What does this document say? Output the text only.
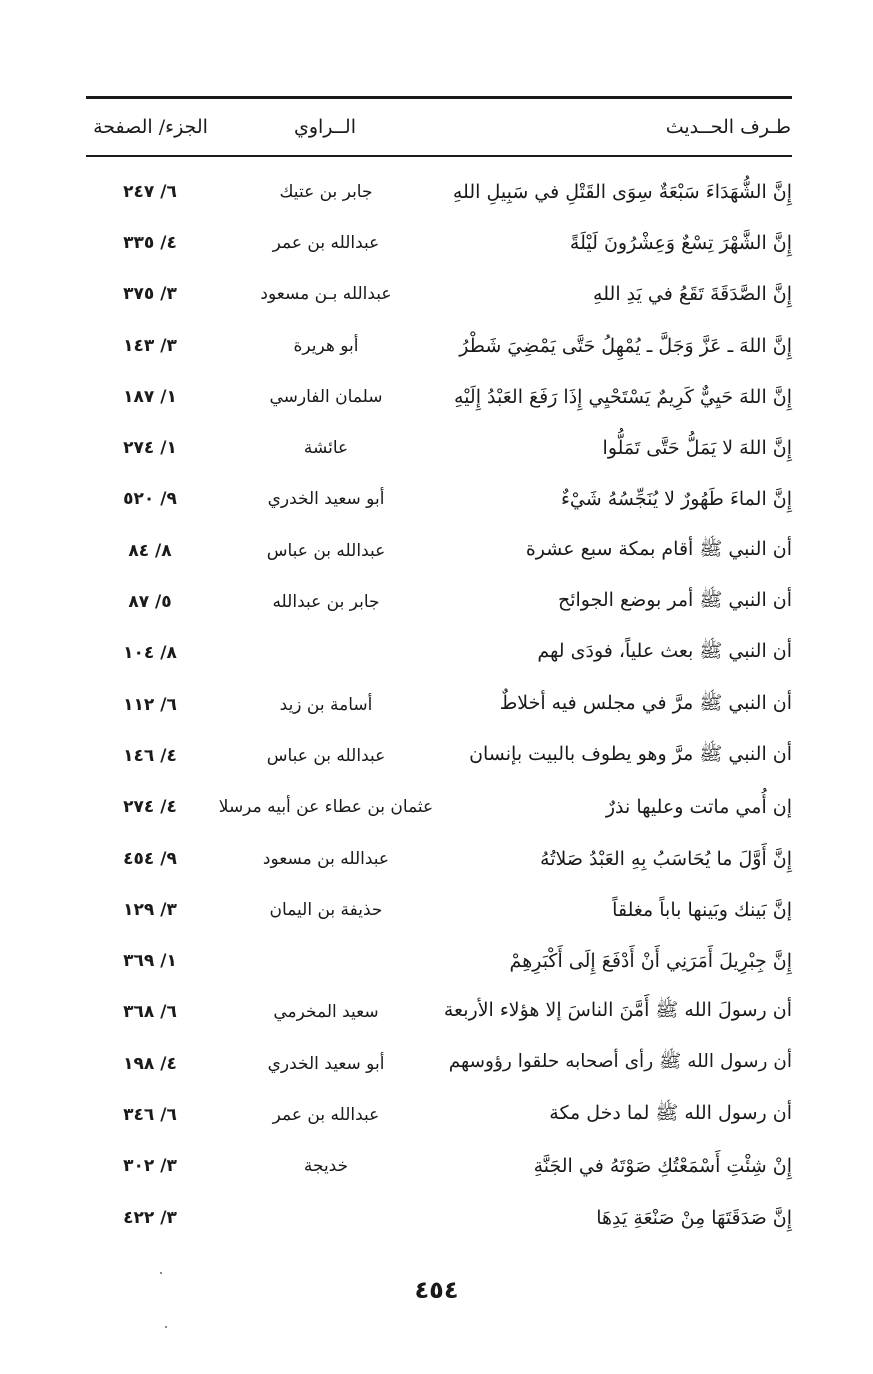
طـرف الحــديث
الــراوي
الجزء/ الصفحة
إِنَّ الشُّهَدَاءَ سَبْعَةٌ سِوَى القَتْلِ في سَبِيلِ اللهِ
جابر بن عتيك
٦/ ٢٤٧
إِنَّ الشَّهْرَ تِسْعٌ وَعِشْرُونَ لَيْلَةً
عبدالله بن عمر
٤/ ٣٣٥
إِنَّ الصَّدَقَةَ تَقَعُ في يَدِ اللهِ
عبدالله بـن مسعود
٣/ ٣٧٥
إِنَّ اللهَ ـ عَزَّ وَجَلَّ ـ يُمْهِلُ حَتَّى يَمْضِيَ شَطْرُ
أبو هريرة
٣/ ١٤٣
إِنَّ اللهَ حَيِيٌّ كَرِيمٌ يَسْتَحْيِي إِذَا رَفَعَ العَبْدُ إِلَيْهِ
سلمان الفارسي
١/ ١٨٧
إِنَّ اللهَ لا يَمَلُّ حَتَّى تَمَلُّوا
عائشة
١/ ٢٧٤
إِنَّ الماءَ طَهُورٌ لا يُنَجِّسُهُ شَيْءٌ
أبو سعيد الخدري
٩/ ٥٢٠
أن النبي ﷺ أقام بمكة سبع عشرة
عبدالله بن عباس
٨/ ٨٤
أن النبي ﷺ أمر بوضع الجوائح
جابر بن عبدالله
٥/ ٨٧
أن النبي ﷺ بعث علياً، فودَى لهم
٨/ ١٠٤
أن النبي ﷺ مرَّ في مجلس فيه أخلاطٌ
أسامة بن زيد
٦/ ١١٢
أن النبي ﷺ مرَّ وهو يطوف بالبيت بإنسان
عبدالله بن عباس
٤/ ١٤٦
إن أُمي ماتت وعليها نذرٌ
عثمان بن عطاء عن أبيه مرسلا
٤/ ٢٧٤
إِنَّ أَوَّلَ ما يُحَاسَبُ بِهِ العَبْدُ صَلاتُهُ
عبدالله بن مسعود
٩/ ٤٥٤
إنَّ بَينك وبَينها باباً مغلقاً
حذيفة بن اليمان
٣/ ١٢٩
إِنَّ جِبْرِيلَ أَمَرَنِي أَنْ أَدْفَعَ إِلَى أَكْبَرِهِمْ
١/ ٣٦٩
أن رسولَ الله ﷺ أَمَّنَ الناسَ إلا هؤلاء الأربعة
سعيد المخرمي
٦/ ٣٦٨
أن رسول الله ﷺ رأى أصحابه حلقوا رؤوسهم
أبو سعيد الخدري
٤/ ١٩٨
أن رسول الله ﷺ لما دخل مكة
عبدالله بن عمر
٦/ ٣٤٦
إِنْ شِئْتِ أَسْمَعْتُكِ صَوْتَهُ في الجَنَّةِ
خديجة
٣/ ٣٠٢
إِنَّ صَدَقَتَهَا مِنْ صَنْعَةِ يَدِهَا
٣/ ٤٢٢
٤٥٤
